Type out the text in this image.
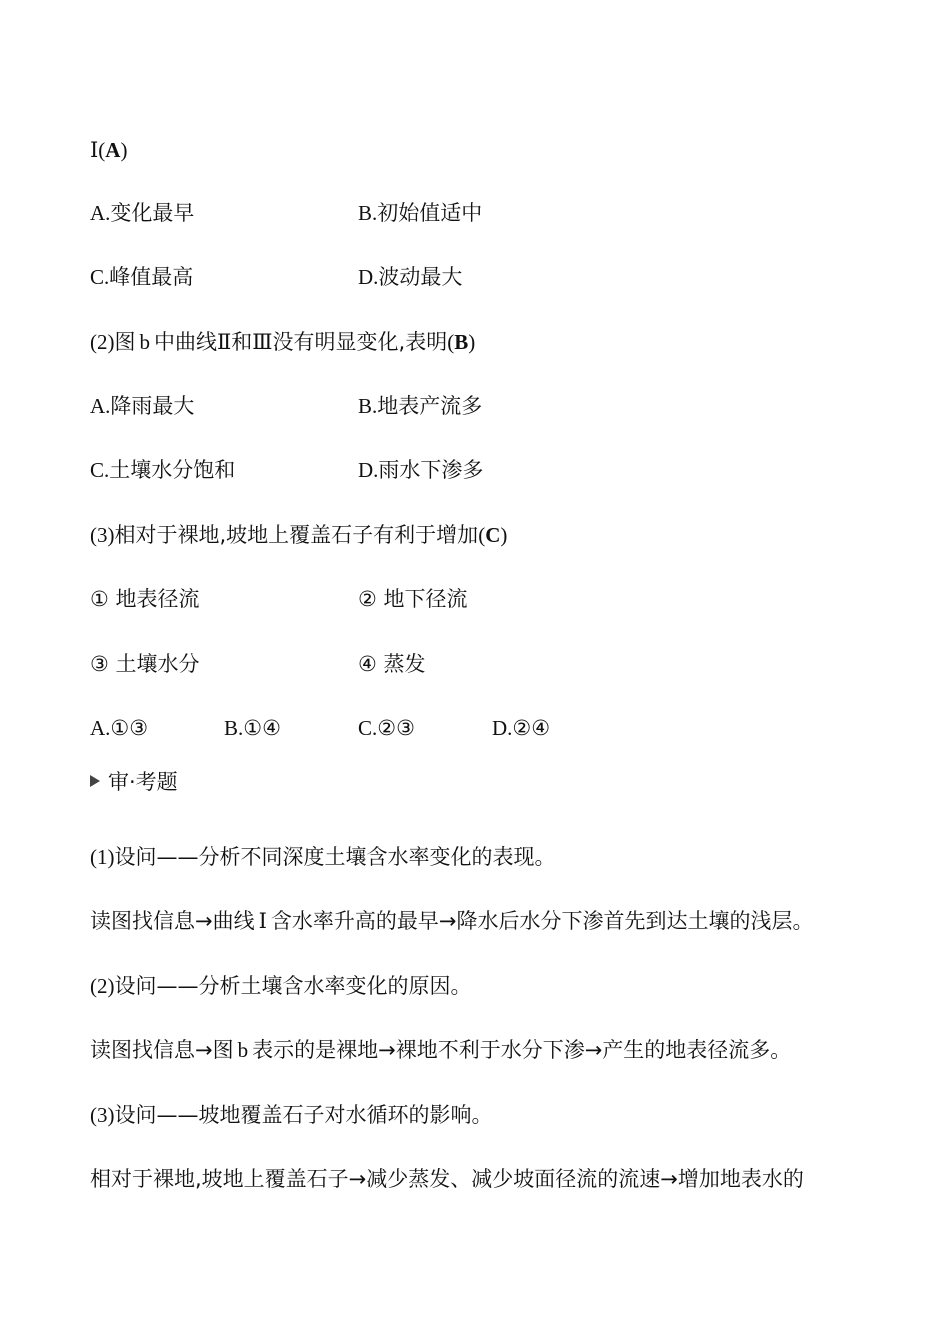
Ⅰ(A)
A.变化最早	B.初始值适中
C.峰值最高	D.波动最大
(2)图 b 中曲线Ⅱ和Ⅲ没有明显变化,表明(B)
A.降雨最大	B.地表产流多
C.土壤水分饱和	D.雨水下渗多
(3)相对于裸地,坡地上覆盖石子有利于增加(C)
① 地表径流	② 地下径流
③ 土壤水分	④ 蒸发
A.①③	B.①④	C.②③	D.②④
审·考题
(1)设问——分析不同深度土壤含水率变化的表现。
读图找信息→曲线 Ⅰ 含水率升高的最早→降水后水分下渗首先到达土壤的浅层。
(2)设问——分析土壤含水率变化的原因。
读图找信息→图 b 表示的是裸地→裸地不利于水分下渗→产生的地表径流多。
(3)设问——坡地覆盖石子对水循环的影响。
相对于裸地,坡地上覆盖石子→减少蒸发、减少坡面径流的流速→增加地表水的
